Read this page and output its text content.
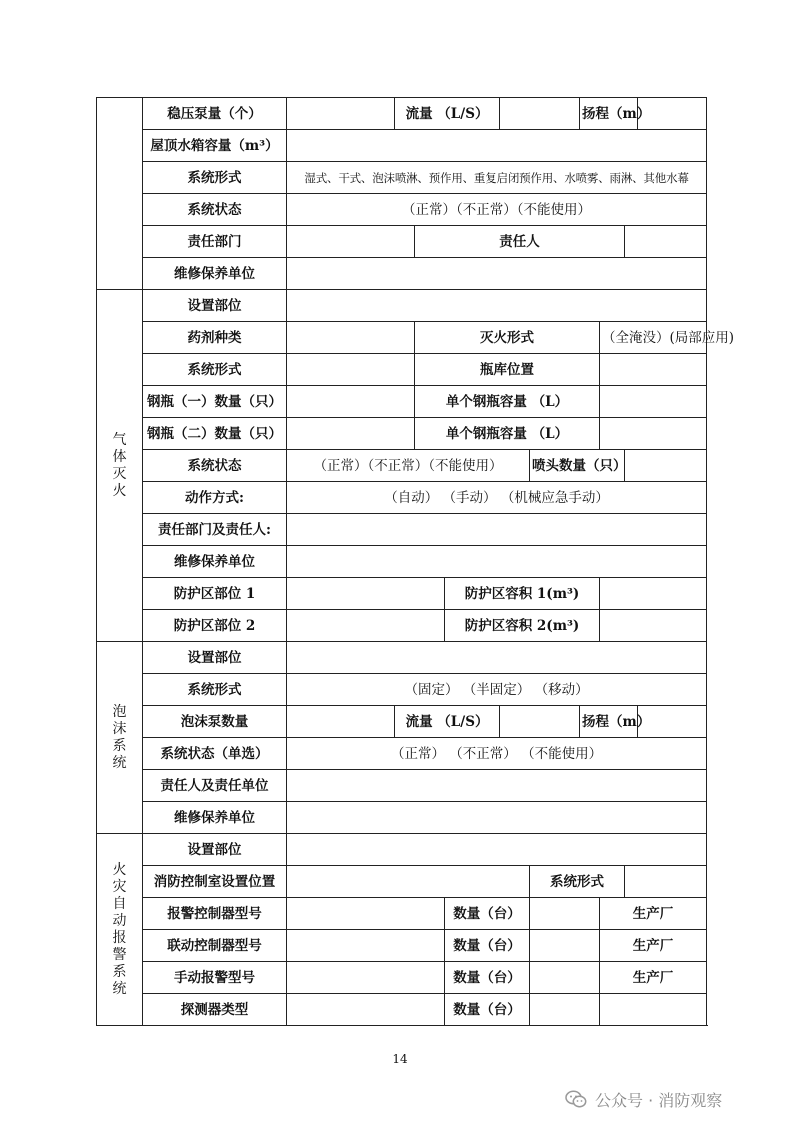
	稳压泵量（个）		流量 （L/S）					扬程（m）				
	屋顶水箱容量（m³）											
	系统形式	湿式、干式、泡沫喷淋、预作用、重复启闭预作用、水喷雾、雨淋、其他水幕										
	系统状态	（正常）（不正常）（不能使用）										
	责任部门			责任人								
	维修保养单位											
气体灭火	设置部位											
	药剂种类			灭火形式					（全淹没）(局部应用)			
	系统形式			瓶库位置								
	钢瓶（一）数量（只）			单个钢瓶容量 （L）								
	钢瓶（二）数量（只）			单个钢瓶容量 （L）								
	系统状态	（正常）（不正常）（不能使用）					喷头数量（只）					
	动作方式:	（自动） （手动） （机械应急手动）										
	责任部门及责任人:											
	维修保养单位											
	防护区部位 1				防护区容积 1(m³)							
	防护区部位 2				防护区容积 2(m³)							
泡沫系统	设置部位											
	系统形式	（固定） （半固定） （移动）										
	泡沫泵数量		流量 （L/S）					扬程（m）				
	系统状态（单选）	（正常） （不正常） （不能使用）										
	责任人及责任单位											
	维修保养单位											
火灾自动报警系统	设置部位											
	消防控制室设置位置						系统形式					
	报警控制器型号				数量（台）				生产厂			
	联动控制器型号				数量（台）				生产厂			
	手动报警型号				数量（台）				生产厂			
	探测器类型				数量（台）							
14
公众号 · 消防观察
